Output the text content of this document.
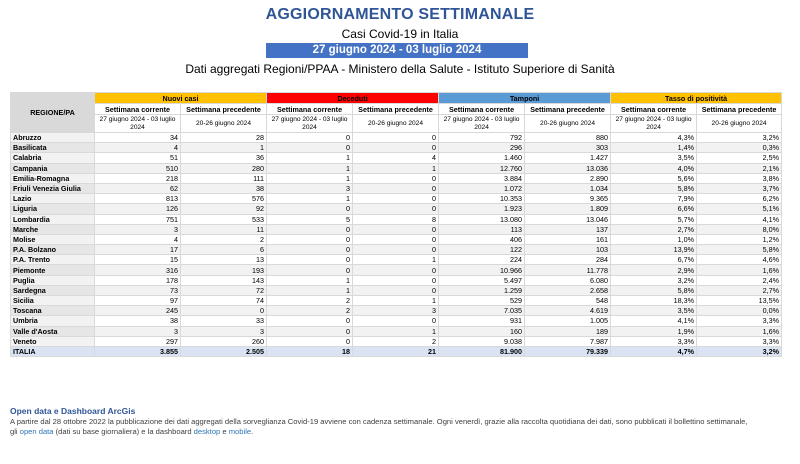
AGGIORNAMENTO SETTIMANALE
Casi Covid-19 in Italia
27 giugno 2024 - 03 luglio 2024
Dati aggregati Regioni/PPAA - Ministero della Salute - Istituto Superiore di Sanità
REGIONE/PA	Nuovi casi		Deceduti		Tamponi		Tasso di positività	
	Settimana corrente	Settimana precedente	Settimana corrente	Settimana precedente	Settimana corrente	Settimana precedente	Settimana corrente	Settimana precedente
	27 giugno 2024 - 03 luglio 2024	20-26 giugno 2024	27 giugno 2024 - 03 luglio 2024	20-26 giugno 2024	27 giugno 2024 - 03 luglio 2024	20-26 giugno 2024	27 giugno 2024 - 03 luglio 2024	20-26 giugno 2024
Abruzzo	34	28	0	0	792	880	4,3%	3,2%
Basilicata	4	1	0	0	296	303	1,4%	0,3%
Calabria	51	36	1	4	1.460	1.427	3,5%	2,5%
Campania	510	280	1	1	12.760	13.036	4,0%	2,1%
Emilia-Romagna	218	111	1	0	3.884	2.890	5,6%	3,8%
Friuli Venezia Giulia	62	38	3	0	1.072	1.034	5,8%	3,7%
Lazio	813	576	1	0	10.353	9.365	7,9%	6,2%
Liguria	126	92	0	0	1.923	1.809	6,6%	5,1%
Lombardia	751	533	5	8	13.080	13.046	5,7%	4,1%
Marche	3	11	0	0	113	137	2,7%	8,0%
Molise	4	2	0	0	406	161	1,0%	1,2%
P.A. Bolzano	17	6	0	0	122	103	13,9%	5,8%
P.A. Trento	15	13	0	1	224	284	6,7%	4,6%
Piemonte	316	193	0	0	10.966	11.778	2,9%	1,6%
Puglia	178	143	1	0	5.497	6.080	3,2%	2,4%
Sardegna	73	72	1	0	1.259	2.658	5,8%	2,7%
Sicilia	97	74	2	1	529	548	18,3%	13,5%
Toscana	245	0	2	3	7.035	4.619	3,5%	0,0%
Umbria	38	33	0	0	931	1.005	4,1%	3,3%
Valle d'Aosta	3	3	0	1	160	189	1,9%	1,6%
Veneto	297	260	0	2	9.038	7.987	3,3%	3,3%
ITALIA	3.855	2.505	18	21	81.900	79.339	4,7%	3,2%
Open data e Dashboard ArcGis
A partire dal 28 ottobre 2022 la pubblicazione dei dati aggregati della sorveglianza Covid-19 avviene con cadenza settimanale. Ogni venerdì, grazie alla raccolta quotidiana dei dati, sono pubblicati il bollettino settimanale,
gli open data (dati su base giornaliera) e la dashboard desktop e mobile.
